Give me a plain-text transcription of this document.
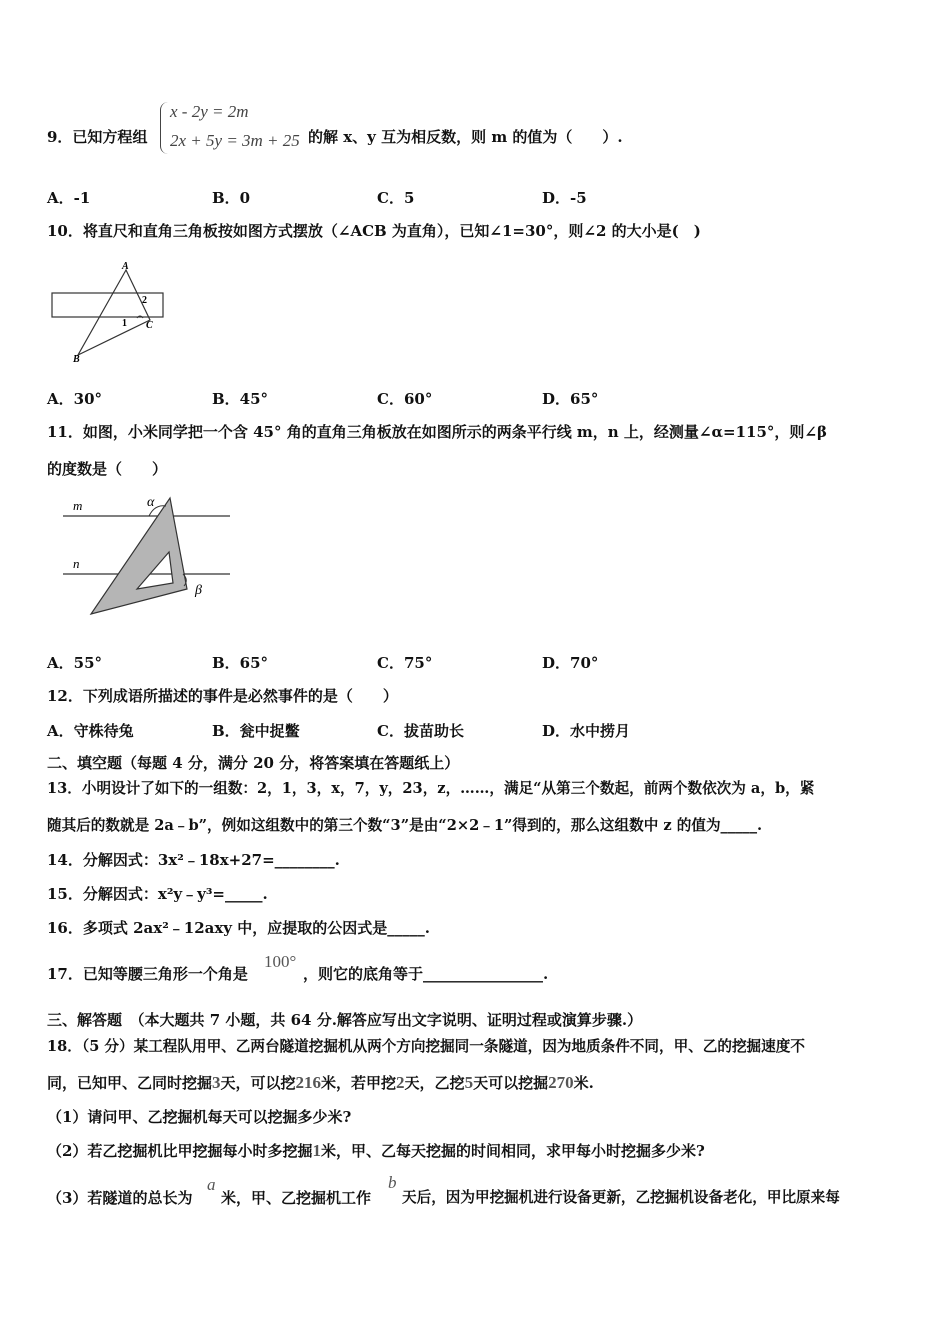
9．已知方程组
x - 2y = 2m
2x + 5y = 3m + 25 的解 x、y 互为相反数，则 m 的值为（　　）.
A．-1	B．0	C．5	D．-5
10．将直尺和直角三角板按如图方式摆放（∠ACB 为直角），已知∠1=30°，则∠2 的大小是(　)
A
2
1 C
B
A．30°	B．45°	C．60°	D．65°
11．如图，小米同学把一个含 45° 角的直角三角板放在如图所示的两条平行线 m，n 上，经测量∠α=115°，则∠β
的度数是（　　）
m	α
n
β
A．55°	B．65°	C．75°	D．70°
12．下列成语所描述的事件是必然事件的是（　　）
A．守株待兔	B．瓮中捉鳖	C．拔苗助长	D．水中捞月
二、填空题（每题 4 分，满分 20 分，将答案填在答题纸上）
13．小明设计了如下的一组数：2，1，3，x，7，y，23，z，……，满足“从第三个数起，前两个数依次为 a，b，紧
随其后的数就是 2a﹣b”，例如这组数中的第三个数“3”是由“2×2﹣1”得到的，那么这组数中 z 的值为_____.
14．分解因式：3x²﹣18x+27=________.
15．分解因式：x²y﹣y³=_____.
16．多项式 2ax²﹣12axy 中，应提取的公因式是_____.
17．已知等腰三角形一个角是
100°
，则它的底角等于________________.
三、解答题　（本大题共 7 小题，共 64 分.解答应写出文字说明、证明过程或演算步骤.）
18．（5 分）某工程队用甲、乙两台隧道挖掘机从两个方向挖掘同一条隧道，因为地质条件不同，甲、乙的挖掘速度不
同，已知甲、乙同时挖掘3天，可以挖216米，若甲挖2天，乙挖5天可以挖掘270米.
（1）请问甲、乙挖掘机每天可以挖掘多少米?
（2）若乙挖掘机比甲挖掘每小时多挖掘1米，甲、乙每天挖掘的时间相同，求甲每小时挖掘多少米?
（3）若隧道的总长为
a
米，甲、乙挖掘机工作
b
天后，因为甲挖掘机进行设备更新，乙挖掘机设备老化，甲比原来每
